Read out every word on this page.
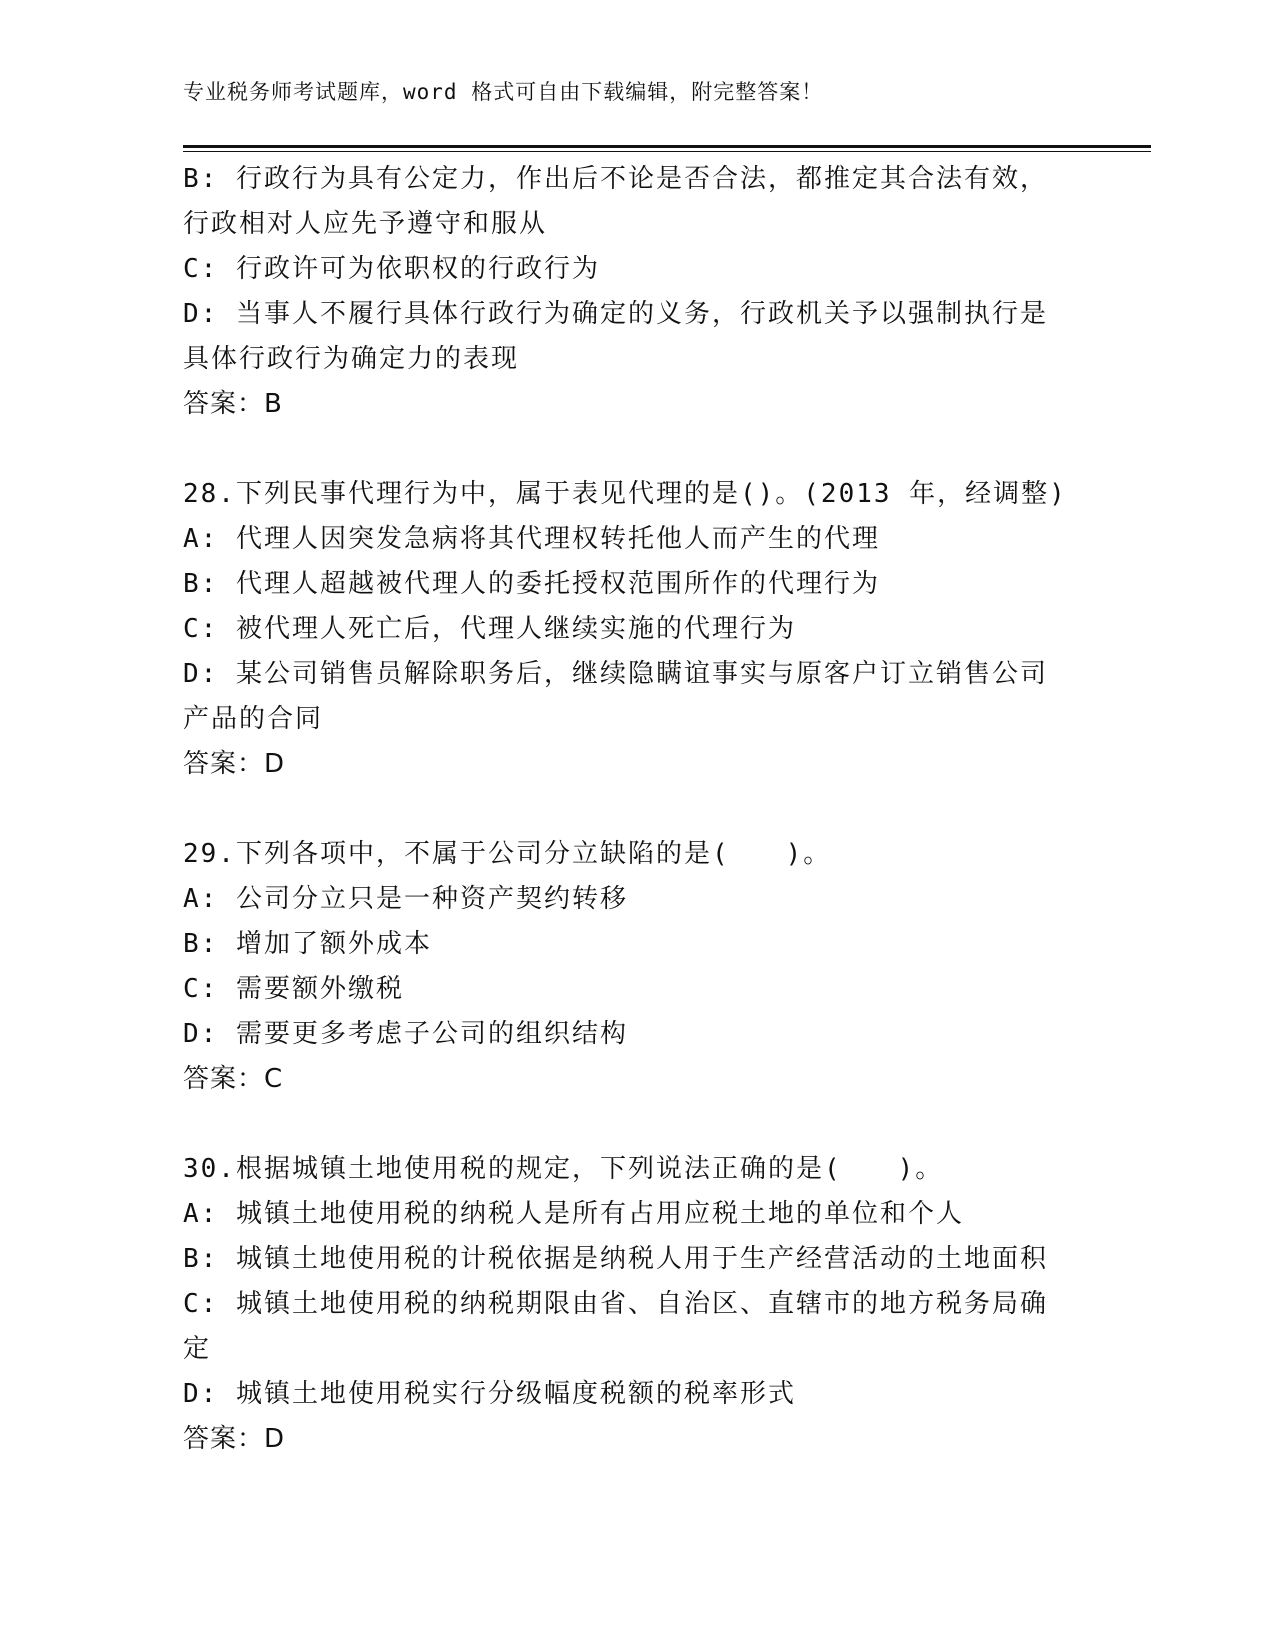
专业税务师考试题库，word 格式可自由下载编辑，附完整答案！
B: 行政行为具有公定力，作出后不论是否合法，都推定其合法有效，
行政相对人应先予遵守和服从
C: 行政许可为依职权的行政行为
D: 当事人不履行具体行政行为确定的义务，行政机关予以强制执行是
具体行政行为确定力的表现
答案：B
28.下列民事代理行为中，属于表见代理的是()。(2013 年，经调整)
A: 代理人因突发急病将其代理权转托他人而产生的代理
B: 代理人超越被代理人的委托授权范围所作的代理行为
C: 被代理人死亡后，代理人继续实施的代理行为
D: 某公司销售员解除职务后，继续隐瞒谊事实与原客户订立销售公司
产品的合同
答案：D
29.下列各项中，不属于公司分立缺陷的是(　　)。
A: 公司分立只是一种资产契约转移
B: 增加了额外成本
C: 需要额外缴税
D: 需要更多考虑子公司的组织结构
答案：C
30.根据城镇土地使用税的规定，下列说法正确的是(　　)。
A: 城镇土地使用税的纳税人是所有占用应税土地的单位和个人
B: 城镇土地使用税的计税依据是纳税人用于生产经营活动的土地面积
C: 城镇土地使用税的纳税期限由省、自治区、直辖市的地方税务局确
定
D: 城镇土地使用税实行分级幅度税额的税率形式
答案：D
